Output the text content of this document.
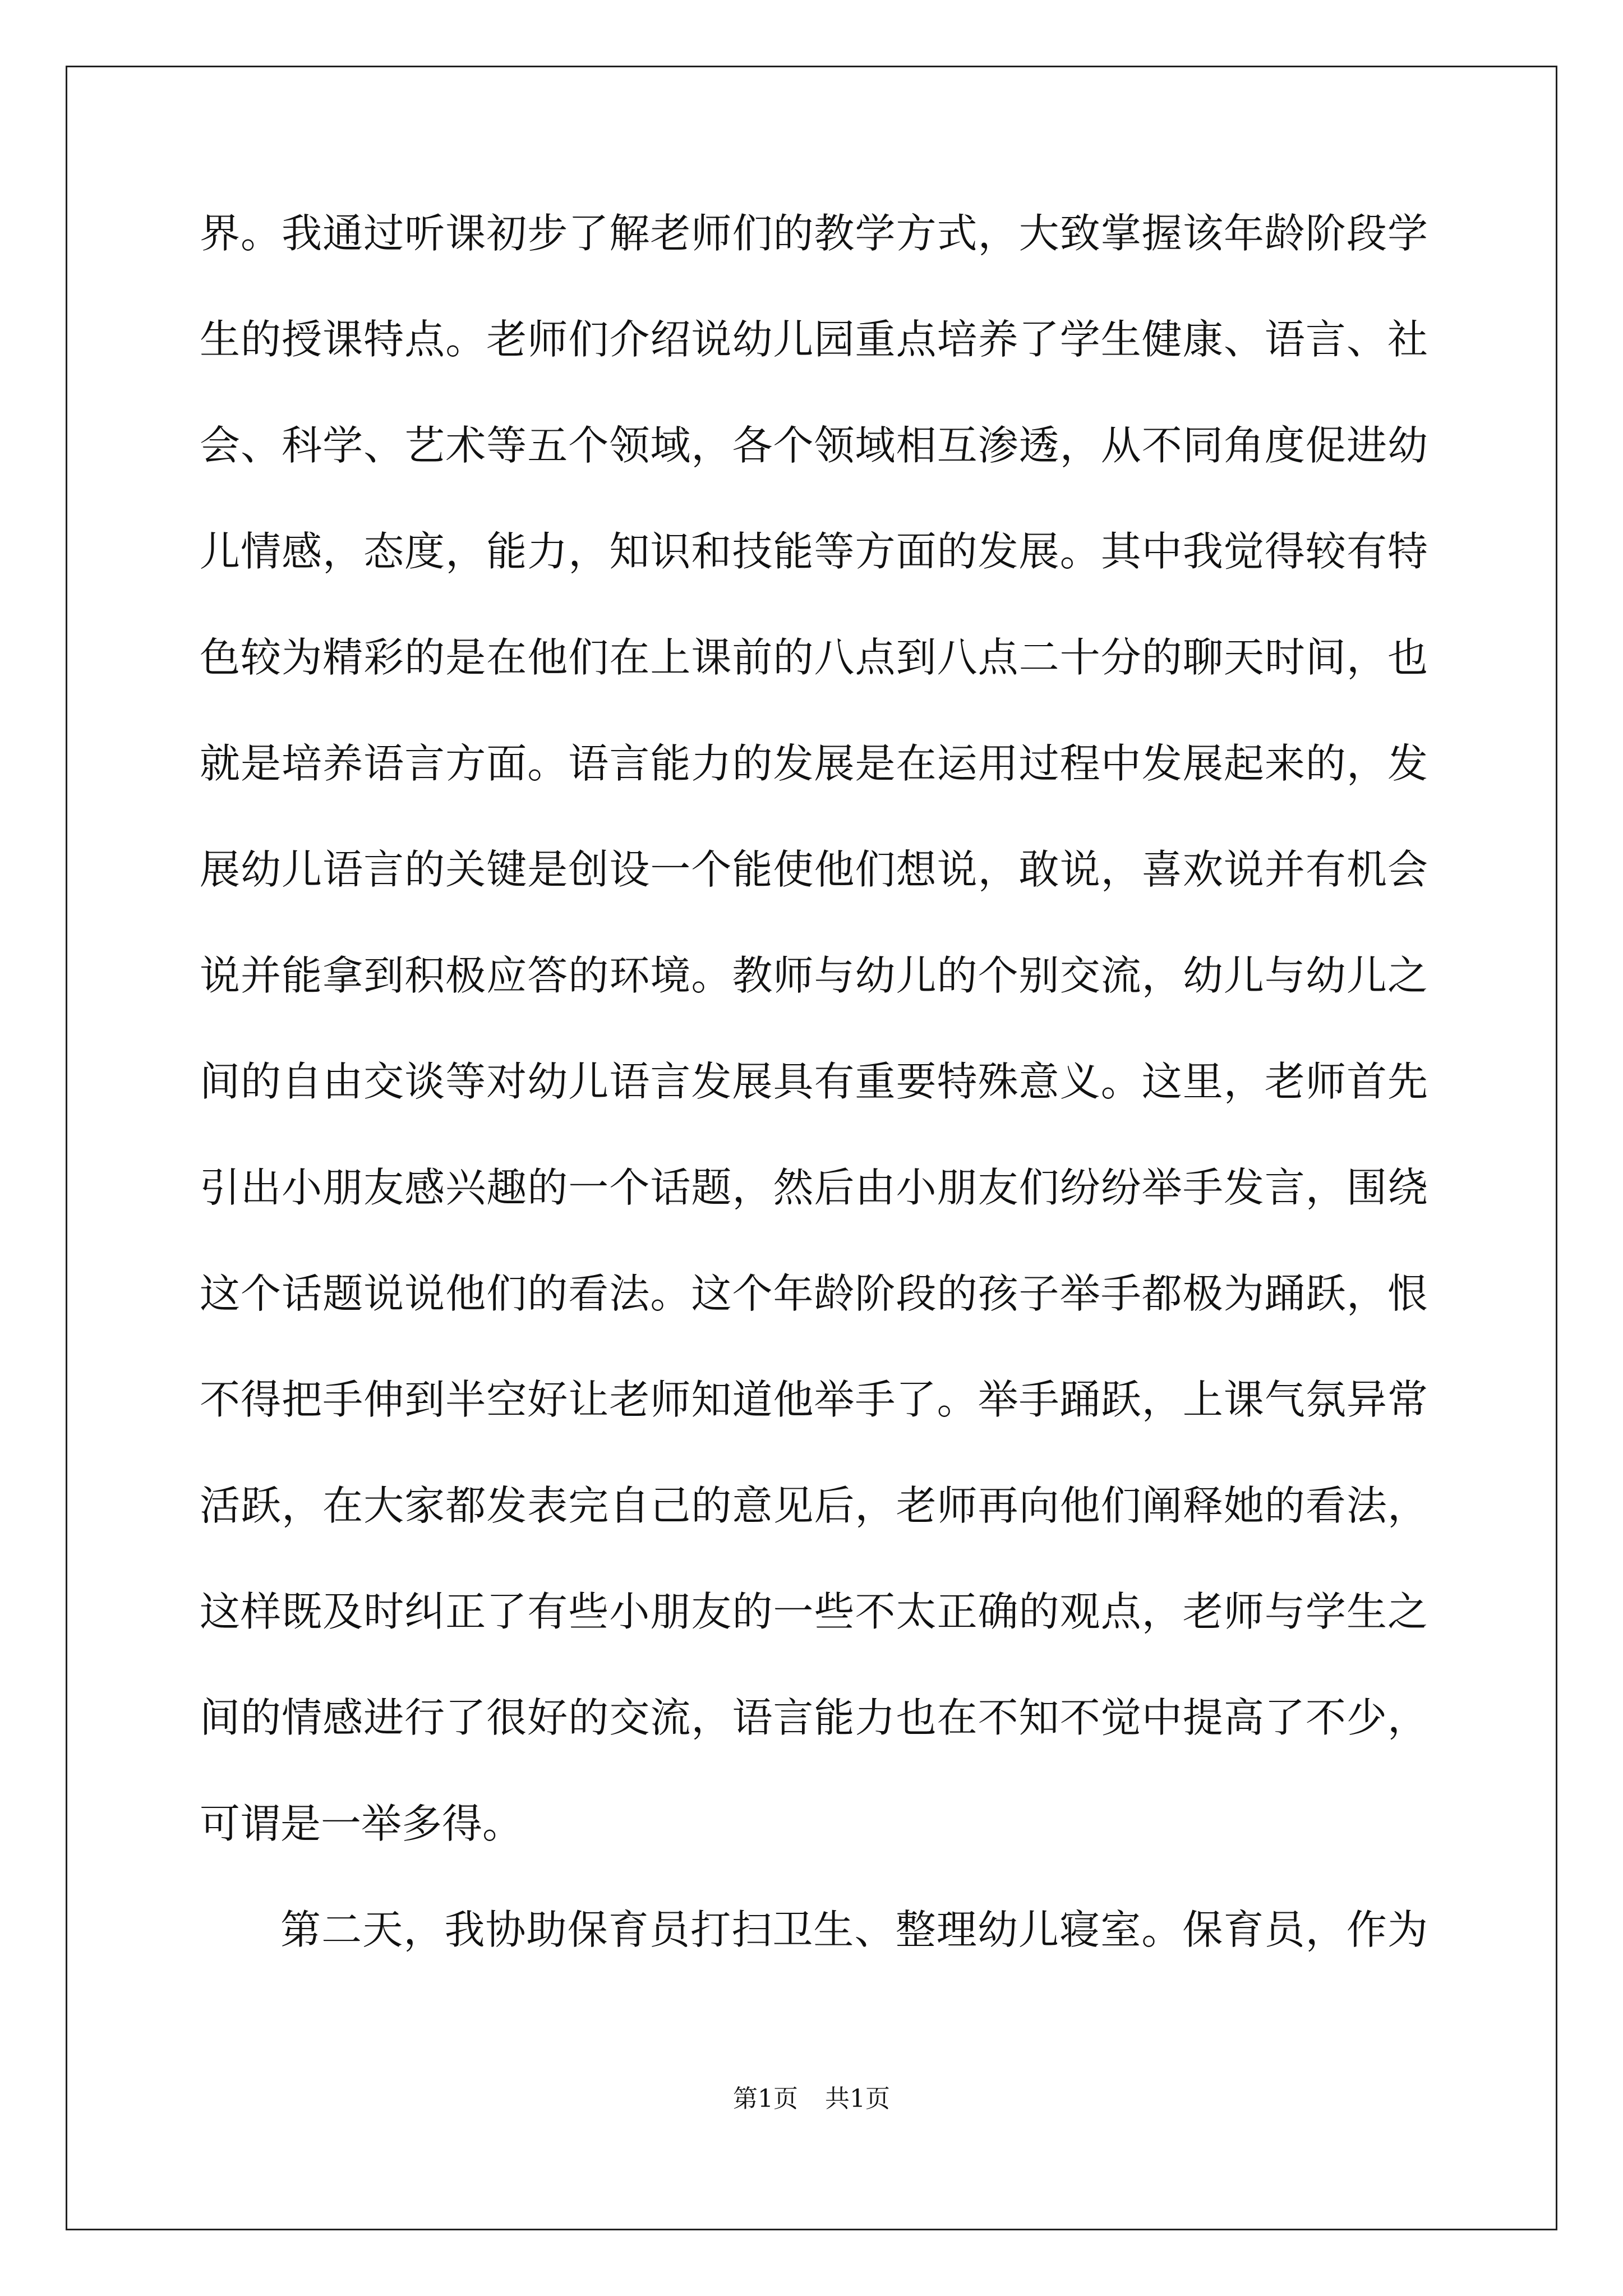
界。我通过听课初步了解老师们的教学方式，大致掌握该年龄阶段学
生的授课特点。老师们介绍说幼儿园重点培养了学生健康、语言、社
会、科学、艺术等五个领域，各个领域相互渗透，从不同角度促进幼
儿情感，态度，能力，知识和技能等方面的发展。其中我觉得较有特
色较为精彩的是在他们在上课前的八点到八点二十分的聊天时间，也
就是培养语言方面。语言能力的发展是在运用过程中发展起来的，发
展幼儿语言的关键是创设一个能使他们想说，敢说，喜欢说并有机会
说并能拿到积极应答的环境。教师与幼儿的个别交流，幼儿与幼儿之
间的自由交谈等对幼儿语言发展具有重要特殊意义。这里，老师首先
引出小朋友感兴趣的一个话题，然后由小朋友们纷纷举手发言，围绕
这个话题说说他们的看法。这个年龄阶段的孩子举手都极为踊跃，恨
不得把手伸到半空好让老师知道他举手了。举手踊跃，上课气氛异常
活跃，在大家都发表完自己的意见后，老师再向他们阐释她的看法，
这样既及时纠正了有些小朋友的一些不太正确的观点，老师与学生之
间的情感进行了很好的交流，语言能力也在不知不觉中提高了不少，
可谓是一举多得。
第二天，我协助保育员打扫卫生、整理幼儿寝室。保育员，作为
第1页 共1页
